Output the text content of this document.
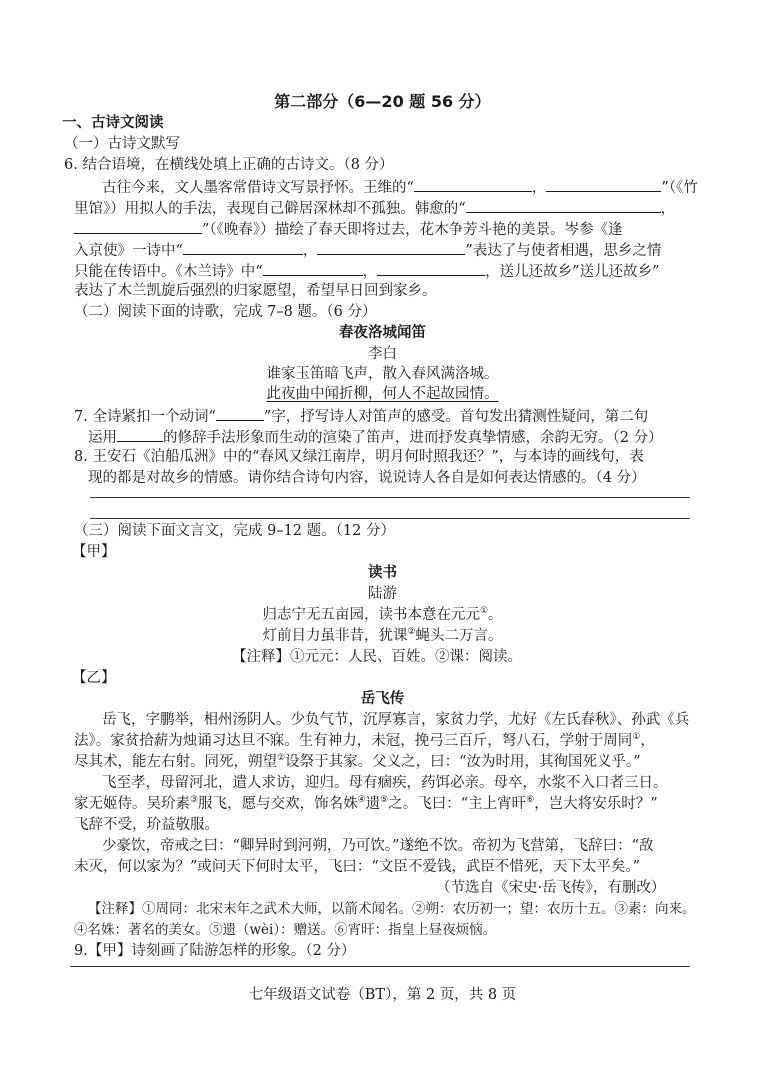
第二部分（6—20 题 56 分）
一、古诗文阅读
（一）古诗文默写
6. 结合语境，在横线处填上正确的古诗文。（8 分）
古往今来，文人墨客常借诗文写景抒怀。王维的“	，	”（《竹
里馆》）用拟人的手法，表现自己僻居深林却不孤独。韩愈的“	，
”（《晚春》）描绘了春天即将过去，花木争芳斗艳的美景。岑参《逢
入京使》一诗中“	，	”表达了与使者相遇，思乡之情
只能在传语中。《木兰诗》中“	，	，送儿还故乡”送儿还故乡”
表达了木兰凯旋后强烈的归家愿望，希望早日回到家乡。
（二）阅读下面的诗歌，完成 7–8 题。（6 分）
春夜洛城闻笛
李白
谁家玉笛暗飞声，散入春风满洛城。
此夜曲中闻折柳，何人不起故园情。
7. 全诗紧扣一个动词“	”字，抒写诗人对笛声的感受。首句发出猜测性疑问，第二句
运用	的修辞手法形象而生动的渲染了笛声，进而抒发真挚情感，余韵无穷。（2 分）
8. 王安石《泊船瓜洲》中的“春风又绿江南岸，明月何时照我还？”，与本诗的画线句，表
现的都是对故乡的情感。请你结合诗句内容，说说诗人各自是如何表达情感的。（4 分）
（三）阅读下面文言文，完成 9–12 题。（12 分）
【甲】
读书
陆游
归志宁无五亩园，读书本意在元元①。
灯前目力虽非昔，犹课②蝇头二万言。
【注释】①元元：人民、百姓。②课：阅读。
【乙】
岳飞传
岳飞，字鹏举，相州汤阴人。少负气节，沉厚寡言，家贫力学，尤好《左氏春秋》、孙武《兵
法》。家贫拾薪为烛诵习达旦不寐。生有神力，未冠，挽弓三百斤，弩八石，学射于周同①，
尽其术，能左右射。同死，朔望②设祭于其家。父义之，曰：“汝为时用，其徇国死义乎。”
飞至孝，母留河北，遣人求访，迎归。母有痼疾，药饵必亲。母卒，水浆不入口者三日。
家无姬侍。吴玠素③服飞，愿与交欢，饰名姝④遗⑤之。飞曰：“主上宵旰⑥，岂大将安乐时？”
飞辞不受，玠益敬服。
少豪饮，帝戒之曰：“卿异时到河朔，乃可饮。”遂绝不饮。帝初为飞营第，飞辞曰：“敌
未灭，何以家为？”或问天下何时太平，飞曰：“文臣不爱钱，武臣不惜死，天下太平矣。”
（节选自《宋史·岳飞传》，有删改）
【注释】①周同：北宋末年之武术大师，以箭术闻名。②朔：农历初一；望：农历十五。③素：向来。
④名姝：著名的美女。⑤遗（wèi）：赠送。⑥宵旰：指皇上昼夜烦恼。
9.【甲】诗刻画了陆游怎样的形象。（2 分）
七年级语文试卷（BT），第 2 页，共 8 页
